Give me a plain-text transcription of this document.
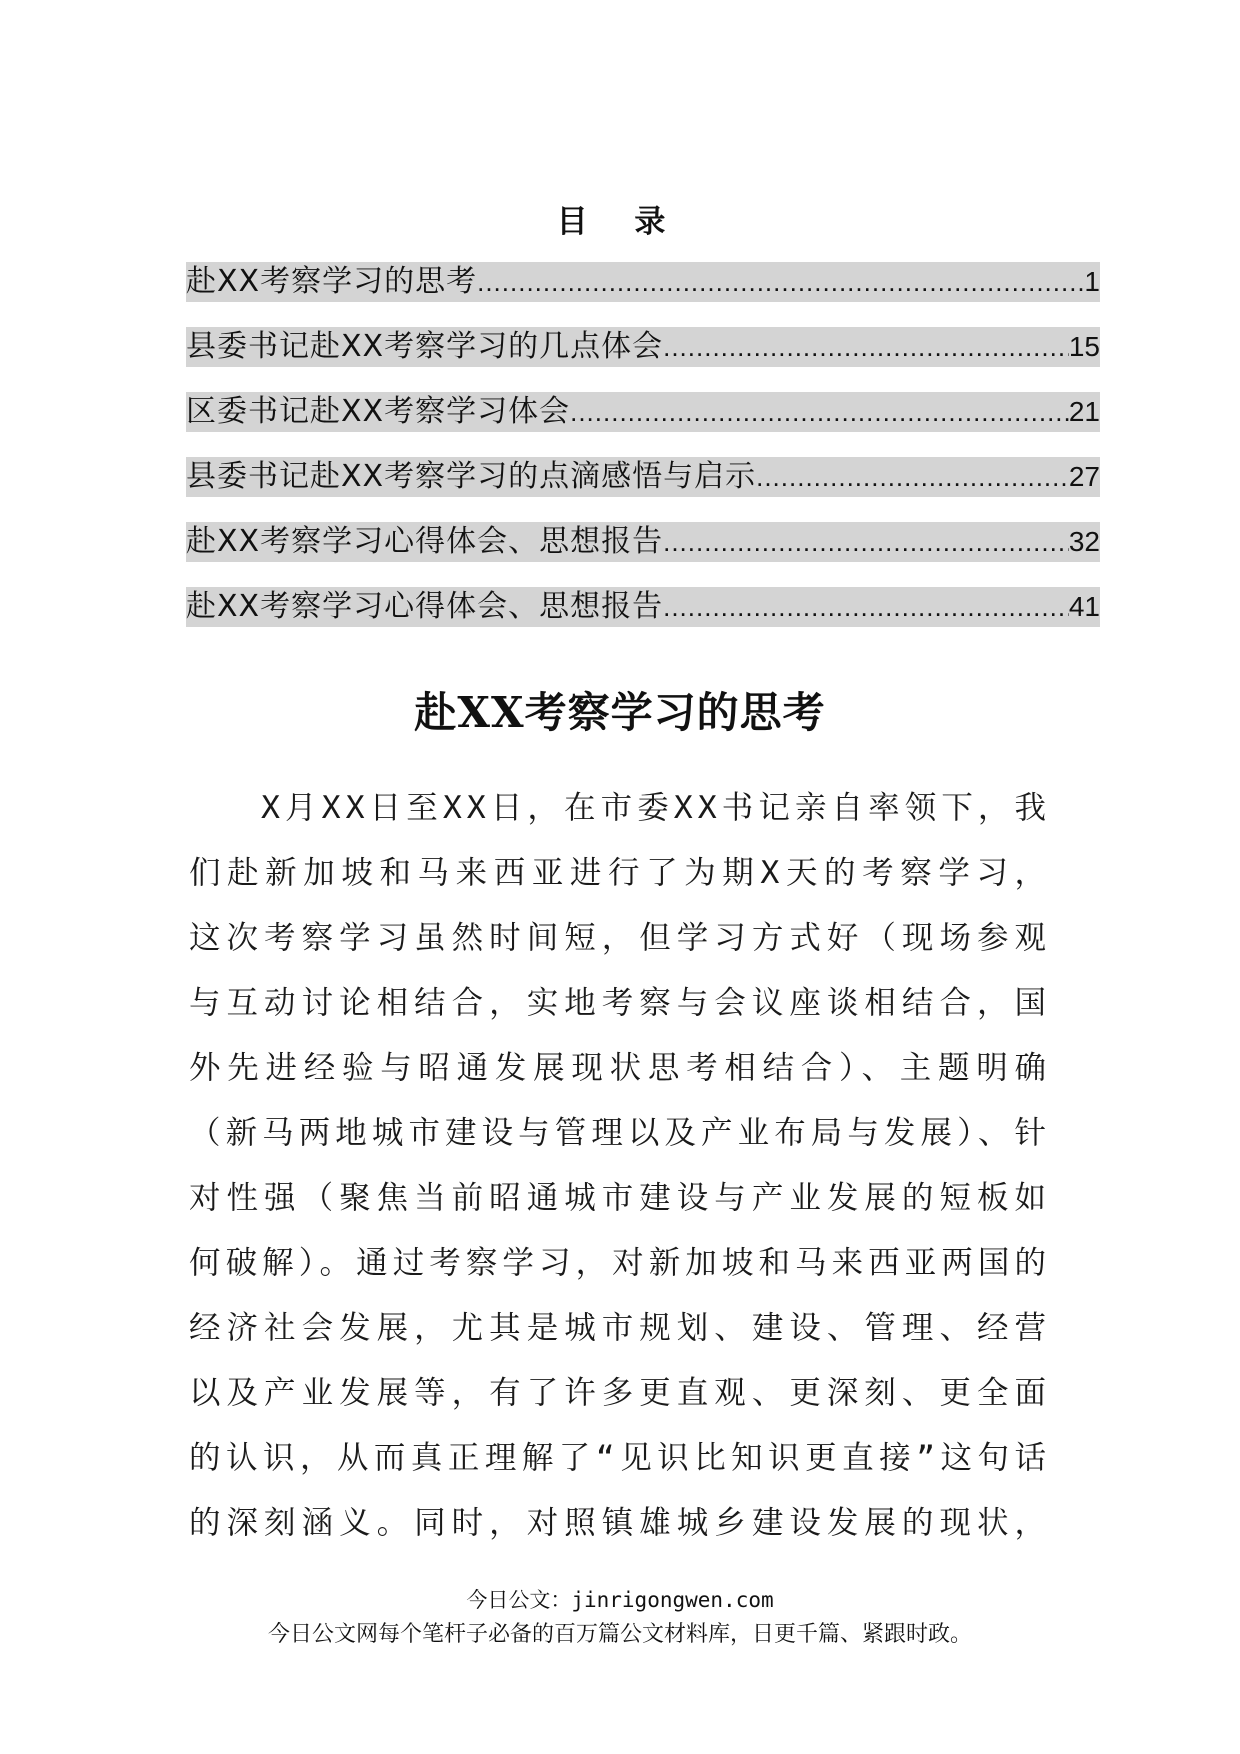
目 录
赴XX考察学习的思考 .....	1
县委书记赴XX考察学习的几点体会 .....	15
区委书记赴XX考察学习体会 .....	21
县委书记赴XX考察学习的点滴感悟与启示 .....	27
赴XX考察学习心得体会、思想报告 .....	32
赴XX考察学习心得体会、思想报告 .....	41
赴XX考察学习的思考
X月XX日至XX日，在市委XX书记亲自率领下，我们赴新加坡和马来西亚进行了为期X天的考察学习，这次考察学习虽然时间短，但学习方式好（现场参观与互动讨论相结合，实地考察与会议座谈相结合，国外先进经验与昭通发展现状思考相结合）、主题明确（新马两地城市建设与管理以及产业布局与发展）、针对性强（聚焦当前昭通城市建设与产业发展的短板如何破解）。通过考察学习，对新加坡和马来西亚两国的经济社会发展，尤其是城市规划、建设、管理、经营以及产业发展等，有了许多更直观、更深刻、更全面的认识，从而真正理解了“见识比知识更直接”这句话的深刻涵义。同时，对照镇雄城乡建设发展的现状，
今日公文：jinrigongwen.com
今日公文网每个笔杆子必备的百万篇公文材料库，日更千篇、紧跟时政。
